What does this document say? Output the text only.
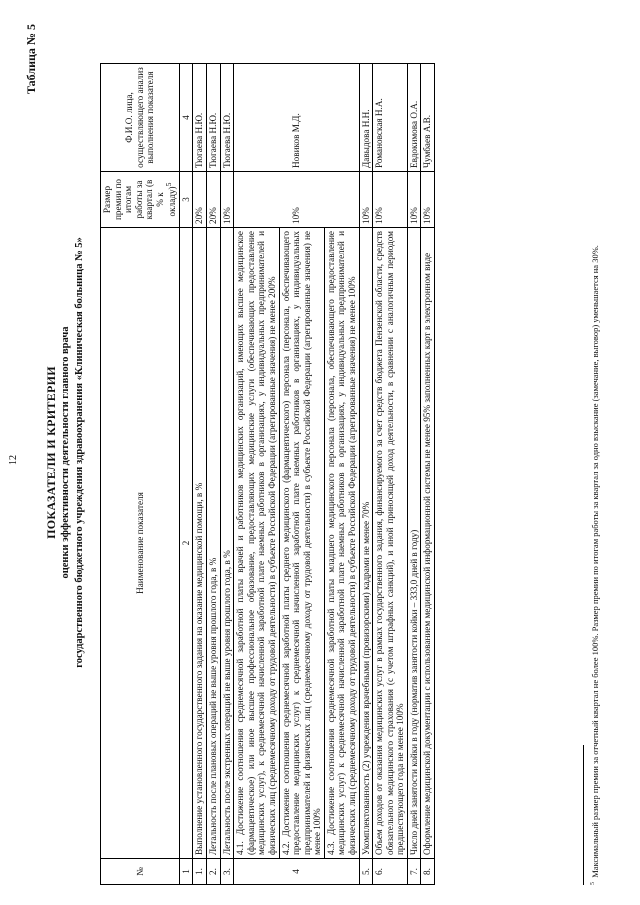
12
Таблица № 5
ПОКАЗАТЕЛИ И КРИТЕРИИ оценки эффективности деятельности главного врача государственного бюджетного учреждения здравоохранения «Клиническая больница № 5»
№	Наименование показателя	Размер премии по итогам работы за квартал (в % к окладу)$^5$	Ф.И.О. лица, осуществляющего анализ выполнения показателя
1	2	3	4
1.	Выполнение установленного государственного задания на оказание медицинской помощи, в %	20%	Тюгаева Н.Ю.
2.	Летальность после плановых операций не выше уровня прошлого года, в %	20%	Тюгаева Н.Ю.
3.	Летальность после экстренных операций не выше уровня прошлого года, в %	10%	Тюгаева Н.Ю.
4	4.1. Достижение соотношения среднемесячной заработной платы врачей и работников медицинских организаций, имеющих высшее медицинское (фармацевтическое) или иное высшее профессиональное образование, предоставляющих медицинские услуги (обеспечивающих предоставление медицинских услуг), к среднемесячной начисленной заработной плате наемных работников в организациях, у индивидуальных предпринимателей и физических лиц (среднемесячному доходу от трудовой деятельности) в субъекте Российской Федерации (агрегированные значения) не менее 200%	10%	Новиков М.Д.
	4.2. Достижение соотношения среднемесячной заработной платы среднего медицинского (фармацевтического) персонала (персонала, обеспечивающего предоставление медицинских услуг) к среднемесячной начисленной заработной плате наемных работников в организациях, у индивидуальных предпринимателей и физических лиц (среднемесячному доходу от трудовой деятельности) в субъекте Российской Федерации (агрегированные значения) не менее 100%		
	4.3. Достижение соотношения среднемесячной заработной платы младшего медицинского персонала (персонала, обеспечивающего предоставление медицинских услуг) к среднемесячной начисленной заработной плате наемных работников в организациях, у индивидуальных предпринимателей и физических лиц (среднемесячному доходу от трудовой деятельности) в субъекте Российской Федерации (агрегированные значения) не менее 100%		
5.	Укомплектованность (2) учреждения врачебными (провизорскими) кадрами не менее 70%	10%	Давыдова Н.Н.
6.	Объем доходов от оказания медицинских услуг в рамках государственного задания, финансируемого за счет средств бюджета Пензенской области, средств обязательного медицинского страхования (с учетом штрафных санкций), и иной приносящей доход деятельности, в сравнении с аналогичным периодом предшествующего года не менее 100%	10%	Романовская Н.А.
7.	Число дней занятости койки в году (норматив занятости койки – 333,0 дней в году)	10%	Евдокимова О.А.
8.	Оформление медицинской документации с использованием медицинской информационной системы не менее 95% заполненных карт в электронном виде	10%	Чумбаев А.В.
$^5$  Максимальный размер премии за отчетный квартал не более 100%. Размер премии по итогам работы за квартал за одно взыскание (замечание, выговор) уменьшается на 30%.
